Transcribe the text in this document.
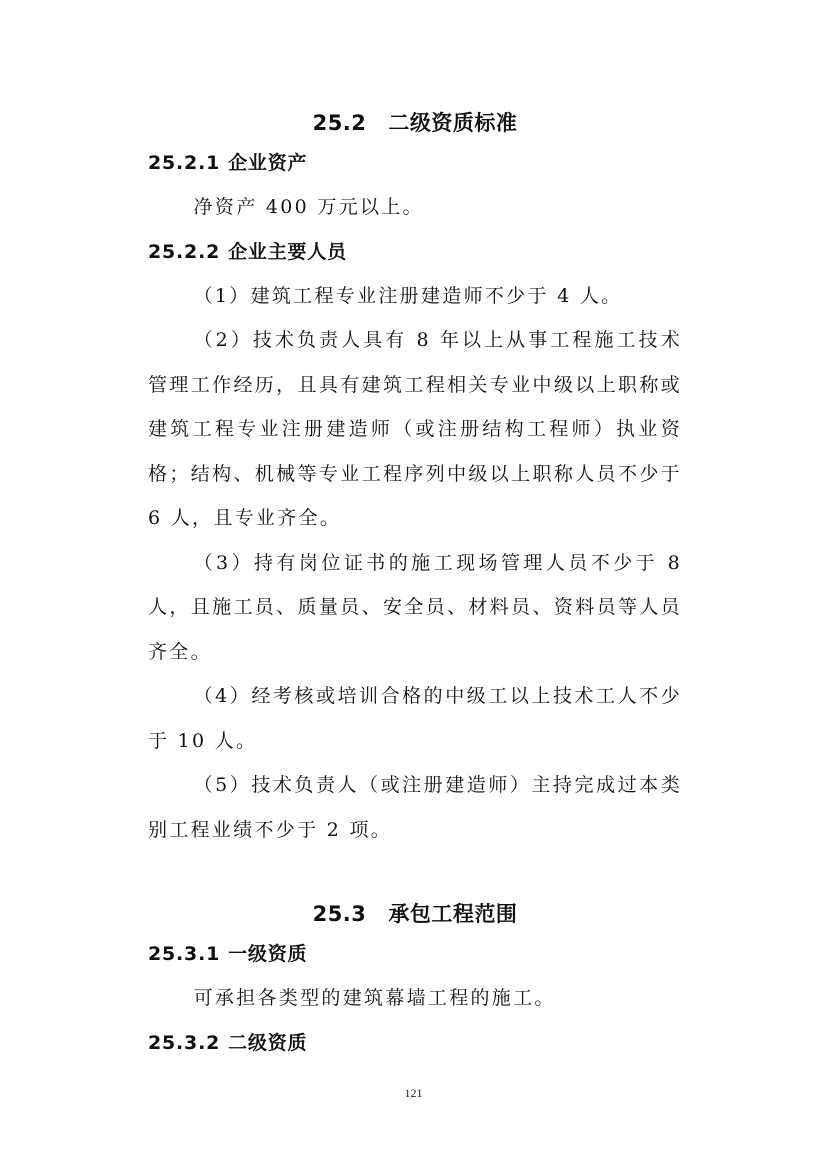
25.2 二级资质标准
25.2.1 企业资产

净资产 400 万元以上。

25.2.2 企业主要人员

（1）建筑工程专业注册建造师不少于 4 人。

（2）技术负责人具有 8 年以上从事工程施工技术管理工作经历，且具有建筑工程相关专业中级以上职称或建筑工程专业注册建造师（或注册结构工程师）执业资格；结构、机械等专业工程序列中级以上职称人员不少于 6 人，且专业齐全。

（3）持有岗位证书的施工现场管理人员不少于 8 人，且施工员、质量员、安全员、材料员、资料员等人员齐全。

（4）经考核或培训合格的中级工以上技术工人不少于 10 人。

（5）技术负责人（或注册建造师）主持完成过本类别工程业绩不少于 2 项。

25.3 承包工程范围
25.3.1 一级资质

可承担各类型的建筑幕墙工程的施工。

25.3.2 二级资质
121
